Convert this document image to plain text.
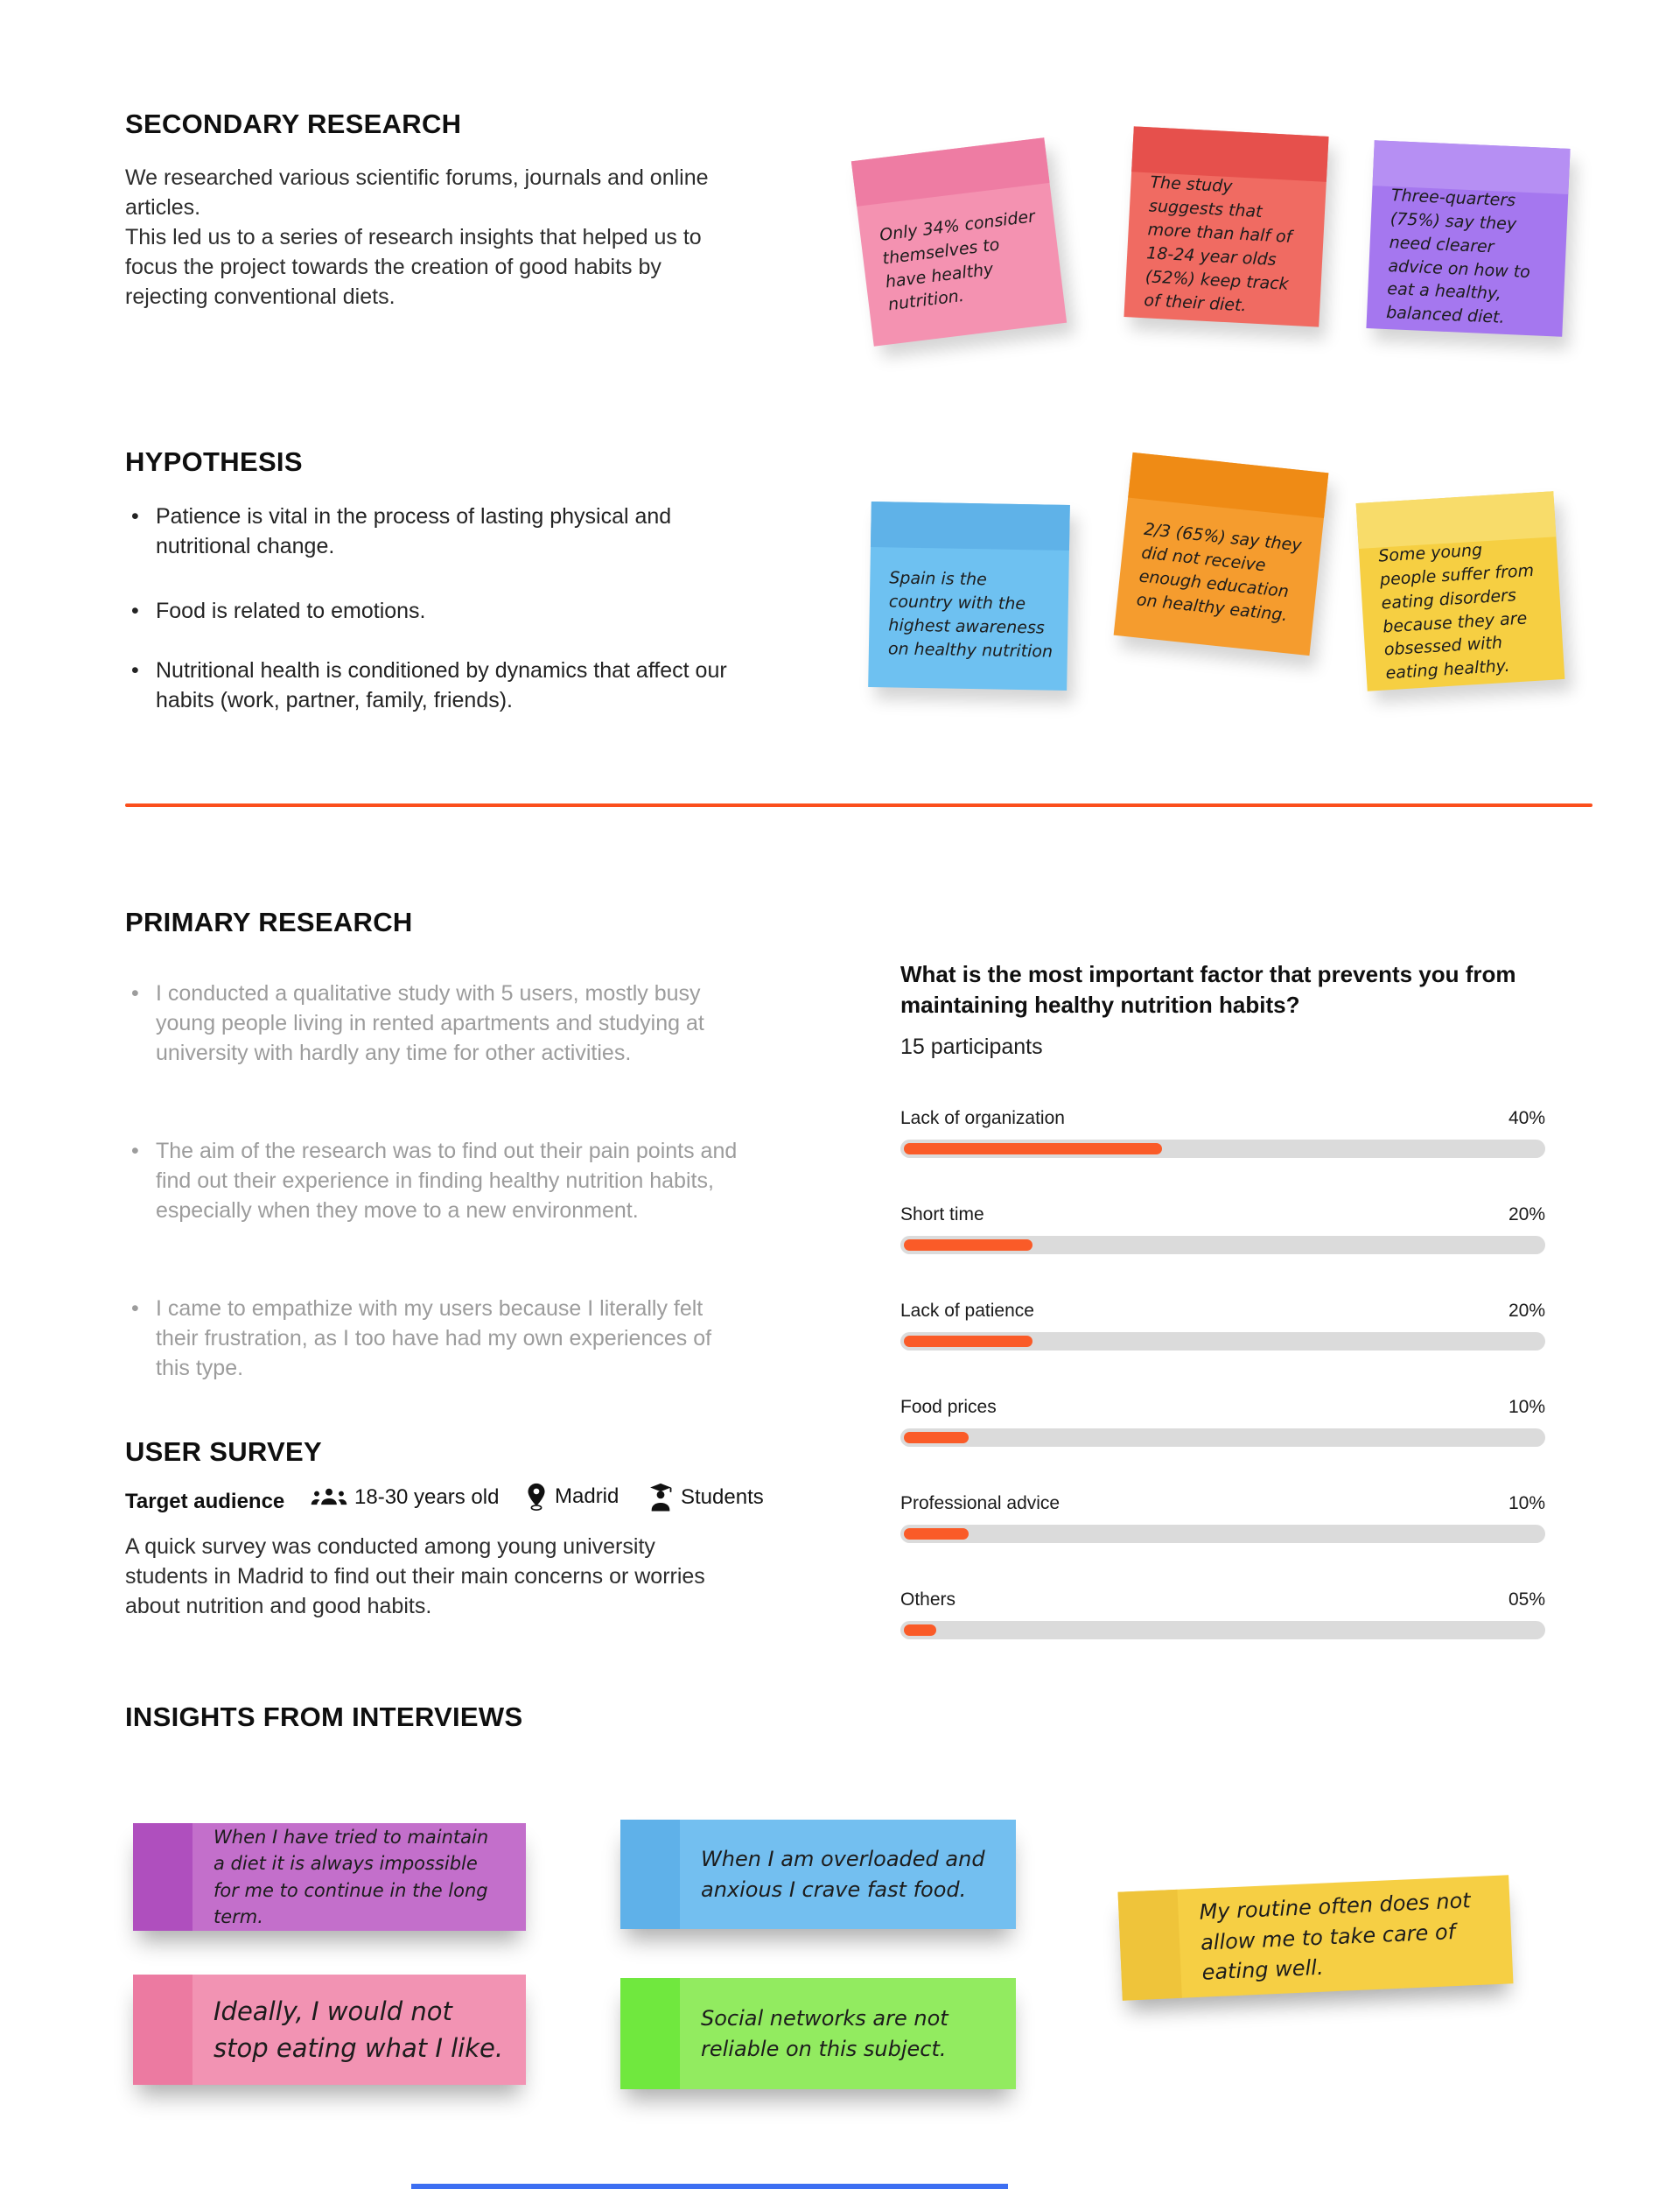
SECONDARY RESEARCH
We researched various scientific forums, journals and online articles.
This led us to a series of research insights that helped us to focus the project towards the creation of good habits by rejecting conventional diets.
Only 34% consider themselves to have healthy nutrition.
The study suggests that more than half of 18-24 year olds (52%) keep track of their diet.
Three-quarters (75%) say they need clearer advice on how to eat a healthy, balanced diet.
HYPOTHESIS
• Patience is vital in the process of lasting physical and nutritional change.
• Food is related to emotions.
• Nutritional health is conditioned by dynamics that affect our habits (work, partner, family, friends).
Spain is the country with the highest awareness on healthy nutrition
2/3 (65%) say they did not receive enough education on healthy eating.
Some young people suffer from eating disorders because they are obsessed with eating healthy.
PRIMARY RESEARCH
• I conducted a qualitative study with 5 users, mostly busy young people living in rented apartments and studying at university with hardly any time for other activities.
• The aim of the research was to find out their pain points and find out their experience in finding healthy nutrition habits, especially when they move to a new environment.
• I came to empathize with my users because I literally felt their frustration, as I too have had my own experiences of this type.
What is the most important factor that prevents you from maintaining healthy nutrition habits?
15 participants
Lack of organization	40%
Short time	20%
Lack of patience	20%
Food prices	10%
Professional advice	10%
Others	05%
USER SURVEY
Target audience	18-30 years old	Madrid	Students
A quick survey was conducted among young university students in Madrid to find out their main concerns or worries about nutrition and good habits.
INSIGHTS FROM INTERVIEWS
When I have tried to maintain a diet it is always impossible for me to continue in the long term.
When I am overloaded and anxious I crave fast food.	My routine often does not allow me to take care of eating well.
Ideally, I would not stop eating what I like.
Social networks are not reliable on this subject.
